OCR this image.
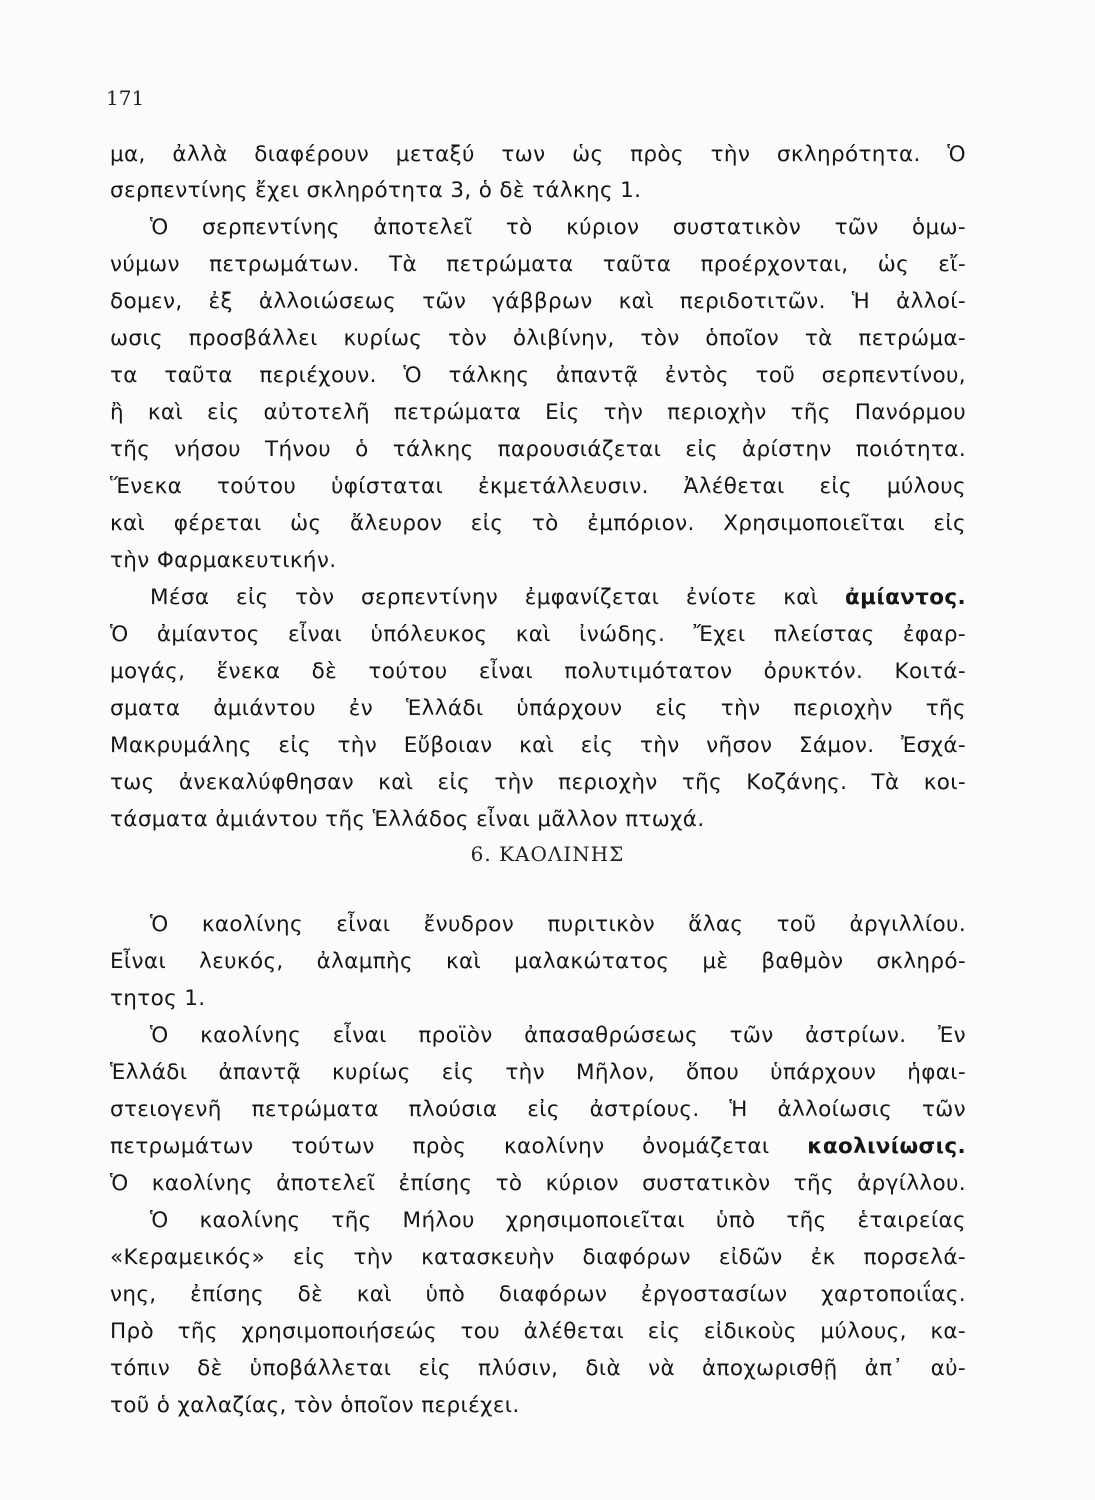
171
μα, ἀλλὰ διαφέρουν μεταξύ των ὡς πρὸς τὴν σκληρότητα. Ὁ
σερπεντίνης ἔχει σκληρότητα 3, ὁ δὲ τάλκης 1.
Ὁ σερπεντίνης ἀποτελεῖ τὸ κύριον συστατικὸν τῶν ὁμω-
νύμων πετρωμάτων. Τὰ πετρώματα ταῦτα προέρχονται, ὡς εἴ-
δομεν, ἐξ ἀλλοιώσεως τῶν γάββρων καὶ περιδοτιτῶν. Ἡ ἀλλοί-
ωσις προσβάλλει κυρίως τὸν ὀλιβίνην, τὸν ὁποῖον τὰ πετρώμα-
τα ταῦτα περιέχουν. Ὁ τάλκης ἀπαντᾷ ἐντὸς τοῦ σερπεντίνου,
ἢ καὶ εἰς αὐτοτελῆ πετρώματα Εἰς τὴν περιοχὴν τῆς Πανόρμου
τῆς νήσου Τήνου ὁ τάλκης παρουσιάζεται εἰς ἀρίστην ποιότητα.
Ἕνεκα τούτου ὑφίσταται ἐκμετάλλευσιν. Ἀλέθεται εἰς μύλους
καὶ φέρεται ὡς ἄλευρον εἰς τὸ ἐμπόριον. Χρησιμοποιεῖται εἰς
τὴν Φαρμακευτικήν.
Μέσα εἰς τὸν σερπεντίνην ἐμφανίζεται ἐνίοτε καὶ ἀμίαντος.
Ὁ ἀμίαντος εἶναι ὑπόλευκος καὶ ἰνώδης. Ἔχει πλείστας ἐφαρ-
μογάς, ἕνεκα δὲ τούτου εἶναι πολυτιμότατον ὀρυκτόν. Κοιτά-
σματα ἀμιάντου ἐν Ἑλλάδι ὑπάρχουν εἰς τὴν περιοχὴν τῆς
Μακρυμάλης εἰς τὴν Εὔβοιαν καὶ εἰς τὴν νῆσον Σάμον. Ἐσχά-
τως ἀνεκαλύφθησαν καὶ εἰς τὴν περιοχὴν τῆς Κοζάνης. Τὰ κοι-
τάσματα ἀμιάντου τῆς Ἑλλάδος εἶναι μᾶλλον πτωχά.
6. ΚΑΟΛΙΝΗΣ
Ὁ καολίνης εἶναι ἔνυδρον πυριτικὸν ἅλας τοῦ ἀργιλλίου.
Εἶναι λευκός, ἀλαμπὴς καὶ μαλακώτατος μὲ βαθμὸν σκληρό-
τητος 1.
Ὁ καολίνης εἶναι προϊὸν ἀπασαθρώσεως τῶν ἀστρίων. Ἐν
Ἑλλάδι ἀπαντᾷ κυρίως εἰς τὴν Μῆλον, ὅπου ὑπάρχουν ἡφαι-
στειογενῆ πετρώματα πλούσια εἰς ἀστρίους. Ἡ ἀλλοίωσις τῶν
πετρωμάτων τούτων πρὸς καολίνην ὀνομάζεται καολινίωσις.
Ὁ καολίνης ἀποτελεῖ ἐπίσης τὸ κύριον συστατικὸν τῆς ἀργίλλου.
Ὁ καολίνης τῆς Μήλου χρησιμοποιεῖται ὑπὸ τῆς ἑταιρείας
«Κεραμεικός» εἰς τὴν κατασκευὴν διαφόρων εἰδῶν ἐκ πορσελά-
νης, ἐπίσης δὲ καὶ ὑπὸ διαφόρων ἐργοστασίων χαρτοποιΐας.
Πρὸ τῆς χρησιμοποιήσεώς του ἀλέθεται εἰς εἰδικοὺς μύλους, κα-
τόπιν δὲ ὑποβάλλεται εἰς πλύσιν, διὰ νὰ ἀποχωρισθῇ ἀπ᾿ αὐ-
τοῦ ὁ χαλαζίας, τὸν ὁποῖον περιέχει.
